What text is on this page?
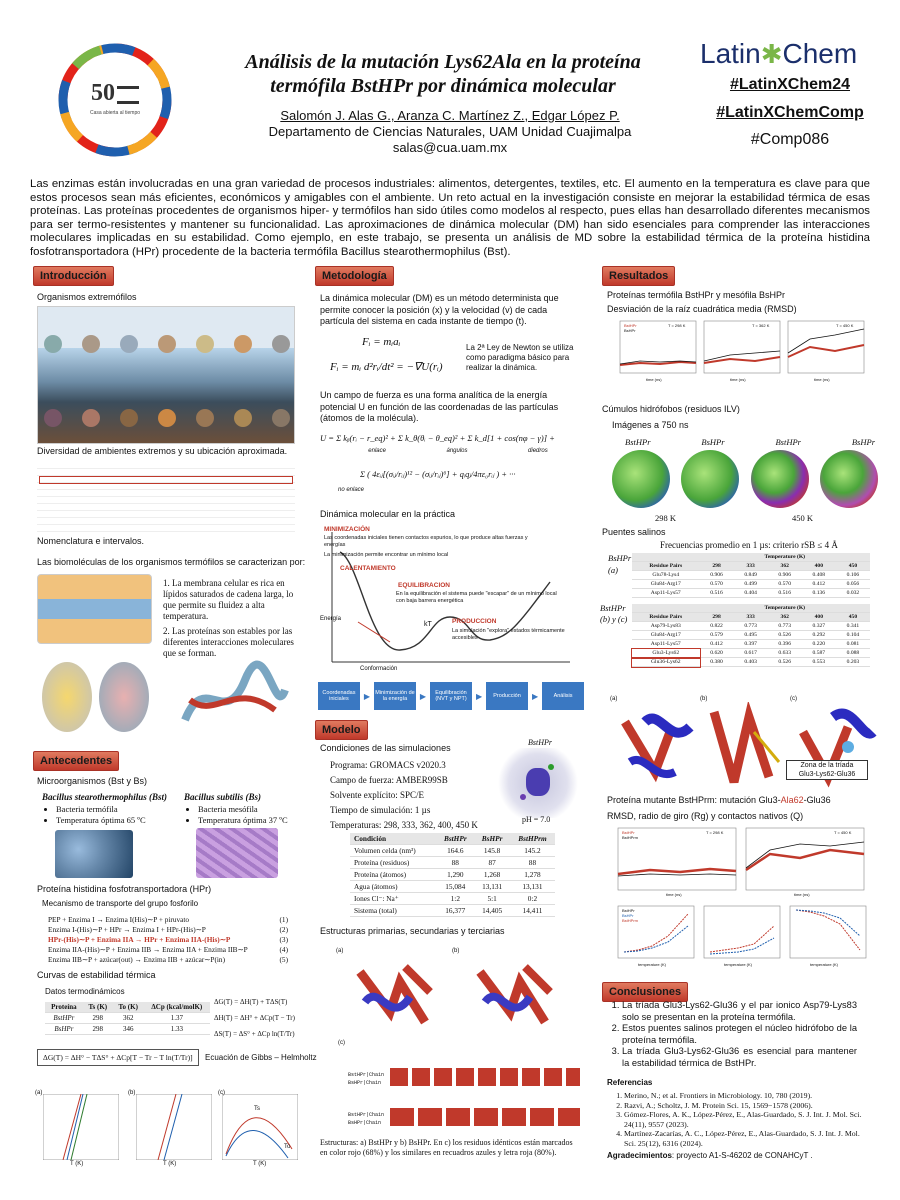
50
Casa abierta al tiempo
Análisis de la mutación Lys62Ala en la proteína
termófila BstHPr por dinámica molecular
Salomón J. Alas G., Aranza C. Martínez Z., Edgar López P.
Departamento de Ciencias Naturales, UAM Unidad Cuajimalpa
salas@cua.uam.mx
Latin✱Chem
#LatinXChem24
#LatinXChemComp
#Comp086
Las enzimas están involucradas en una gran variedad de procesos industriales: alimentos, detergentes, textiles, etc. El aumento en la temperatura es clave para que estos procesos sean más eficientes, económicos y amigables con el ambiente. Un reto actual en la investigación consiste en mejorar la estabilidad térmica de esas proteínas. Las proteínas procedentes de organismos hiper- y termófilos han sido útiles como modelos al respecto, pues ellas han desarrollado diferentes mecanismos para ser termo-resistentes y mantener su funcionalidad. Las aproximaciones de dinámica molecular (DM) han sido esenciales para comprender las interacciones moleculares implicadas en su estabilidad. Como ejemplo, en este trabajo, se presenta un análisis de MD sobre la estabilidad térmica de la proteína histidina fosfotransportadora (HPr) procedente de la bacteria termófila Bacillus stearothermophilus (Bst).
Introducción
Organismos extremófilos
Diversidad de ambientes extremos y su ubicación aproximada.
Nomenclatura e intervalos.
Las biomoléculas de los organismos termófilos se caracterizan por:
1. La membrana celular es rica en lípidos saturados de cadena larga, lo que permite su fluidez a alta temperatura.
2. Las proteínas son estables por las diferentes interacciones moleculares que se forman.
Antecedentes
Microorganismos (Bst y Bs)
Bacillus stearothermophilus (Bst)
• Bacteria termófila
• Temperatura óptima 65 ºC
Bacillus subtilis (Bs)
• Bacteria mesófila
• Temperatura óptima 37 ºC
Proteína histidina fosfotransportadora (HPr)
Mecanismo de transporte del grupo fosforilo
PEP + Enzima I → Enzima I(His)∼P + piruvato	(1)
Enzima I-(His)∼P + HPr → Enzima I + HPr-(His)∼P	(2)
HPr-(His)∼P + Enzima IIA → HPr + Enzima IIA-(His)∼P	(3)
Enzima IIA-(His)∼P + Enzima IIB → Enzima IIA + Enzima IIB∼P	(4)
Enzima IIB∼P + azúcar(out) → Enzima IIB + azúcar∼P(in)	(5)
Curvas de estabilidad térmica
Datos termodinámicos
Proteína	Ts (K)	To (K)	ΔCp (kcal/molK)
BstHPr	298	362	1.37
BsHPr	298	346	1.33
ΔG(T) = ΔH(T) + TΔS(T)
ΔH(T) = ΔH° + ΔCp(T − Tr)
ΔS(T) = ΔS° + ΔCp ln(T/Tr)
ΔG(T) = ΔH° − TΔS° + ΔCp[T − Tr − T ln(T/Tr)]	Ecuación de Gibbs – Helmholtz
(a)
T (K)
(b)
T (K)
(c)
Ts
To
T (K)
Metodología
La dinámica molecular (DM) es un método determinista que permite conocer la posición (x) y la velocidad (v) de cada partícula del sistema en cada instante de tiempo (t).
Fᵢ = mᵢaᵢ
Fᵢ = mᵢ d²rᵢ/dt² = −∇U(rᵢ)
La 2ª Ley de Newton se utiliza como paradigma básico para realizar la dinámica.
Un campo de fuerza es una forma analítica de la energía potencial U en función de las coordenadas de las partículas (átomos de la molécula).
U = Σ kᵦ(rᵢ − r_eq)² + Σ k_θ(θᵢ − θ_eq)² + Σ k_d[1 + cos(nφ − γ)] +
enlace	ángulos	diedros
Σ ( 4εᵢⱼ[(σᵢⱼ/rᵢⱼ)¹² − (σᵢⱼ/rᵢⱼ)⁶] + qᵢqⱼ/4πε₀rᵢⱼ ) + ···
no enlace
Dinámica molecular en la práctica
MINIMIZACIÓN
Las coordenadas iniciales tienen contactos espurios, lo que produce altas fuerzas y energías
La minimización permite encontrar un mínimo local
CALENTAMIENTO
EQUILIBRACION
En la equilibración el sistema puede "escapar" de un mínimo local con baja barrera energética
kT	PRODUCCION
La simulación "explora" estados térmicamente accesibles
Energía
Conformación
Coordenadas iniciales	▶ Minimización de la energía	▶	Equilibración (NVT y NPT)	▶	Producción	▶	Análisis
Modelo
Condiciones de las simulaciones
Programa: GROMACS v2020.3
Campo de fuerza: AMBER99SB
Solvente explícito: SPC/E
Tiempo de simulación: 1 µs
Temperaturas: 298, 333, 362, 400, 450 K
BstHPr
pH = 7.0
Condición	BstHPr	BsHPr	BstHPrm
Volumen celda (nm³)	164.6	145.8	145.2
Proteína (residuos)	88	87	88
Proteína (átomos)	1,290	1,268	1,278
Agua (átomos)	15,084	13,131	13,131
Iones Cl⁻: Na⁺	1:2	5:1	0:2
Sistema (total)	16,377	14,405	14,411
Estructuras primarias, secundarias y terciarias
(a)	(b)
(c)
BstHPr|Chain
BsHPr|Chain
BstHPr|Chain
BsHPr|Chain
Estructuras: a) BstHPr y b) BsHPr. En c) los residuos idénticos están marcados en color rojo (68%) y los similares en recuadros azules y letra roja (80%).
Resultados
Proteínas termófila BstHPr y mesófila BsHPr
Desviación de la raíz cuadrática media (RMSD)
BstHPr
BsHPr
T = 298 K	T = 362 K	T = 450 K
time (ns)	time (ns)	time (ns)
Cúmulos hidrófobos (residuos ILV)
Imágenes a 750 ns
BstHPr	BsHPr	BstHPr	BsHPr
298 K	450 K
Puentes salinos
Frecuencias promedio en 1 µs: criterio rSB ≤ 4 Å
BsHPr (a)
	Temperature (K)				
Residue Pairs	298	333	362	400	450
Glu78-Lys4	0.906	0.849	0.906	0.408	0.106
Glu84-Arg17	0.570	0.499	0.570	0.412	0.056
Asp11-Lys57	0.516	0.404	0.516	0.136	0.032
BstHPr (b) y (c)
	Temperature (K)				
Residue Pairs	298	333	362	400	450
Asp79-Lys83	0.822	0.773	0.773	0.327	0.341
Glu84-Arg17	0.579	0.495	0.526	0.292	0.104
Asp11-Lys57	0.412	0.397	0.396	0.220	0.081
Glu3-Lys62	0.620	0.617	0.633	0.587	0.088
Glu36-Lys62	0.380	0.403	0.526	0.553	0.203
(a)	(b)	(c)
Zona de la tríada
Glu3-Lys62-Glu36
Proteína mutante BstHPrm: mutación Glu3-Ala62-Glu36
RMSD, radio de giro (Rg) y contactos nativos (Q)
BstHPr
BstHPrm
T = 298 K	T = 450 K
time (ns)	time (ns)
BstHPr
BsHPr
BstHPrm
temperature (K)	temperature (K)	temperature (K)
Conclusiones
1. La tríada Glu3-Lys62-Glu36 y el par ionico Asp79-Lys83 solo se presentan en la proteína termófila.
2. Estos puentes salinos protegen el núcleo hidrófobo de la proteína termófila.
3. La tríada Glu3-Lys62-Glu36 es esencial para mantener la estabilidad térmica de BstHPr.
Referencias
1. Merino, N.; et al. Frontiers in Microbiology. 10, 780 (2019).
2. Razvi, A.; Scholtz, J. M. Protein Sci. 15, 1569−1578 (2006).
3. Gómez-Flores, A. K., López-Pérez, E., Alas-Guardado, S. J. Int. J. Mol. Sci. 24(11), 9557 (2023).
4. Martínez-Zacarías, A. C., López-Pérez, E., Alas-Guardado, S. J. Int. J. Mol. Sci. 25(12), 6316 (2024).
Agradecimientos: proyecto A1-S-46202 de CONAHCyT .
